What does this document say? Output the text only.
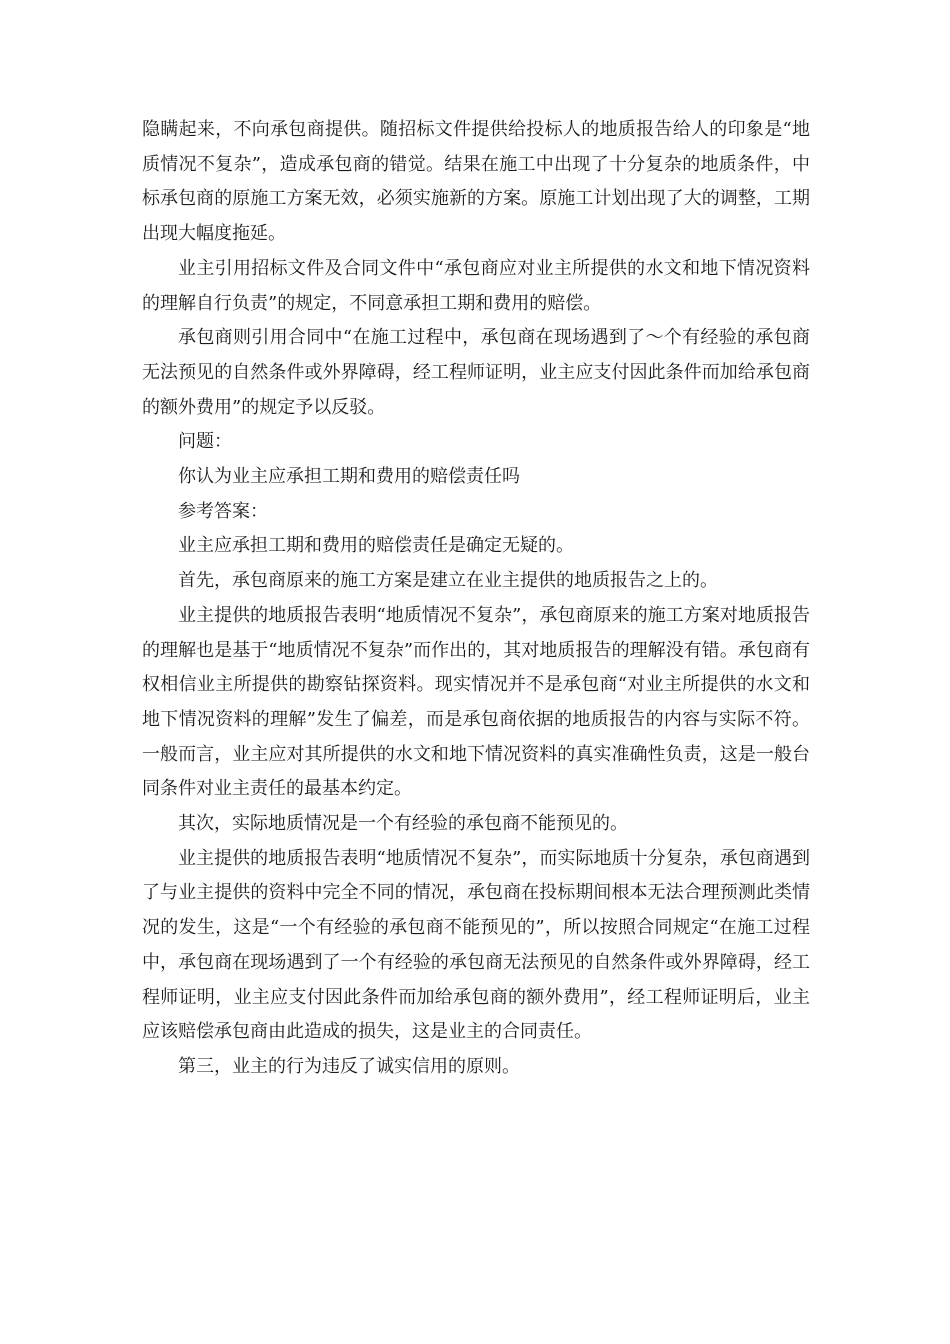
隐瞒起来，不向承包商提供。随招标文件提供给投标人的地质报告给人的印象是“地质情况不复杂”，造成承包商的错觉。结果在施工中出现了十分复杂的地质条件，中标承包商的原施工方案无效，必须实施新的方案。原施工计划出现了大的调整，工期出现大幅度拖延。

业主引用招标文件及合同文件中“承包商应对业主所提供的水文和地下情况资料的理解自行负责”的规定，不同意承担工期和费用的赔偿。

承包商则引用合同中“在施工过程中，承包商在现场遇到了～个有经验的承包商无法预见的自然条件或外界障碍，经工程师证明，业主应支付因此条件而加给承包商的额外费用”的规定予以反驳。

问题：

你认为业主应承担工期和费用的赔偿责任吗

参考答案：

业主应承担工期和费用的赔偿责任是确定无疑的。

首先，承包商原来的施工方案是建立在业主提供的地质报告之上的。

业主提供的地质报告表明“地质情况不复杂”，承包商原来的施工方案对地质报告的理解也是基于“地质情况不复杂”而作出的，其对地质报告的理解没有错。承包商有权相信业主所提供的勘察钻探资料。现实情况并不是承包商“对业主所提供的水文和地下情况资料的理解”发生了偏差，而是承包商依据的地质报告的内容与实际不符。一般而言，业主应对其所提供的水文和地下情况资料的真实准确性负责，这是一般台同条件对业主责任的最基本约定。

其次，实际地质情况是一个有经验的承包商不能预见的。

业主提供的地质报告表明“地质情况不复杂”，而实际地质十分复杂，承包商遇到了与业主提供的资料中完全不同的情况，承包商在投标期间根本无法合理预测此类情况的发生，这是“一个有经验的承包商不能预见的”，所以按照合同规定“在施工过程中，承包商在现场遇到了一个有经验的承包商无法预见的自然条件或外界障碍，经工程师证明，业主应支付因此条件而加给承包商的额外费用”，经工程师证明后，业主应该赔偿承包商由此造成的损失，这是业主的合同责任。

第三，业主的行为违反了诚实信用的原则。
